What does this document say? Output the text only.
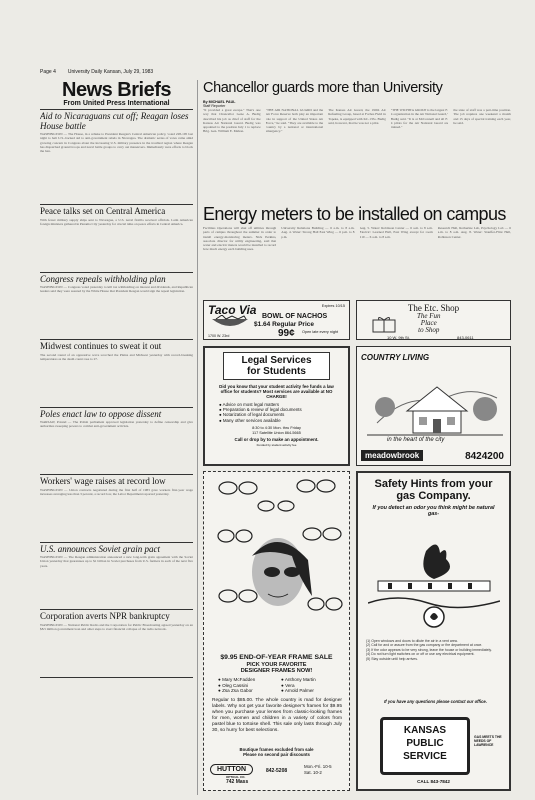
Page 4 University Daily Kansan, July 29, 1983
News Briefs
From United Press International
Aid to Nicaraguans cut off; Reagan loses House battle
WASHINGTON — The House, in a rebuke to President Reagan's Central American policy, voted 228-195 last night to halt U.S.-backed aid to anti-government rebels in Nicaragua. The dramatic series of votes came amid growing concern in Congress about the increasing U.S. military presence in the troubled region where Reagan has dispatched ground troops and naval battle groups to carry out maneuvers. Immediately were efforts to block the ban.
Peace talks set on Central America
With fewer military supply ships sent to Nicaragua, a U.S. naval flotilla received officials. Latin American foreign ministers gathered in Panama City yesterday for crucial talks on peace efforts in Central America.
Congress repeals withholding plan
WASHINGTON — Congress voted yesterday to kill tax withholding on interest and dividends, and Republican leaders said they were assured by the White House that President Reagan would sign the repeal legislation.
Midwest continues to sweat it out
The second round of an oppressive wave scorched the Plains and Midwest yesterday with record-breaking temperatures as the death count rose to 27.
Poles enact law to oppose dissent
WARSAW, Poland — The Polish parliament approved legislation yesterday to define censorship and give authorities sweeping powers to combat anti-government activists.
Workers' wage raises at record low
WASHINGTON — Union contracts negotiated during the first half of 1983 gave workers first-year wage increases averaging less than 3 percent, a record low, the Labor Department reported yesterday.
U.S. announces Soviet grain pact
WASHINGTON — The Reagan administration announced a new long-term grain agreement with the Soviet Union yesterday that guarantees up to $1 billion in Soviet purchases from U.S. farmers in each of the next five years.
Corporation averts NPR bankruptcy
WASHINGTON — National Public Radio and the Corporation for Public Broadcasting agreed yesterday on an $8.5 million government loan and other steps to avert financial collapse of the radio network.
Chancellor guards more than University
By MICHAEL PAUL
Staff Reporter
"It provided a great escape." That's one way that Chancellor Gene A. Budig described his job as chief of staff for the Kansas Air National Guard. Budig was appointed to the position July 1 to replace Brig. Gen. William E. Mahon.
"THE AIR NATIONAL GUARD and the Air Force Reserve both play an important role in support of the United States Air Force," he said. "They are available to the country by a national or international emergency."
The Kansas Air Guard, the 190th Air Refueling Group, based at Forbes Field in Topeka, is equipped with KC-135s. Budig said, however, that he was not a pilot.
"THE WICHITA GROUP is the largest F-4 organization in the Air National Guard," Budig said. "It is at McConnell and all F-4 pilots for the Air National Guard are trained."
the state of staff was a part-time position. The job requires one weekend a month and 15 days of special training each year, he said.
Energy meters to be installed on campus
Facilities Operations will shut off utilities through parts of campus throughout the summer in order to install energy-monitoring meters. Nick Perkins, associate director for utility engineering, said that water and electric meters would be installed to record how much energy each building uses.
University Relations Building — 6 a.m. to 8 a.m. Aug. 4. Water: Strong Hall East Wing — 6 p.m. to 8 p.m.
Aug. 5. Water: Robinson Center — 6 a.m. to 8 a.m. Electric: Learned Hall, East Wing except for room 210 — 6 a.m. to 8 a.m.
Research Hall, Rotherine Lab, Psychology Lab — 6 a.m. to 8 a.m. Aug. 8. Water: Stauffer-Flint Hall, Robinson Center.
Taco Via	Expires 10/15
BOWL OF NACHOS
$1.64 Regular Price
99¢ Open late every night
1700 W. 23rd
The Etc. Shop
The Fun
Place
to Shop
10 W. 9th St.	843-0611
Legal Services
for Students
Did you know that your student activity fee funds a law office for students? Most services are available at NO CHARGE!
● Advice on most legal matters
● Preparation & review of legal documents
● Notarization of legal documents
● Many other services available
8:30 to 4:30 Mon. thru Friday
117 Satellite Union 864-5665
Call or drop by to make an appointment.
Funded by student activity fee
COUNTRY LIVING
in the heart of the city
meadowbrook	8424200
$9.95 END-OF-YEAR FRAME SALE
PICK YOUR FAVORITE
DESIGNER FRAMES NOW!
● Mary McFadden	● Anthony Martin
● Oleg Cassini	● Vera
● Zsa Zsa Gabor	● Arnold Palmer
Regular to $85.00. The whole country is mad for designer labels. Why not get your favorite designer's frames for $9.95 when you purchase your lenses from classic-looking frames for men, women and children in a variety of colors from pastel blue to tortoise shell. This sale only lasts through July 30, so hurry for best selections.
Boutique frames excluded from sale
Please no second pair discounts
HUTTON
OPTICAL CO.
742 Mass
842-5208
Mon.-Fri. 10-5
Sat. 10-2
Safety Hints from your gas Company.
If you detect an odor you think might be natural gas-
(1) Open windows and doors to dilute the air in a vent area.
(2) Call for and or assure from the gas company or fire department at once.
(3) If the odor appears to be very strong, leave the house or building immediately.
(4) Do not turn light switches on or off or use any electrical equipment.
(5) Stay outside until help arrives.
If you have any questions please contact our office.
KANSAS
PUBLIC
SERVICE
GAS MEETS THE NEEDS OF LAWRENCE
CALL 843-7842
